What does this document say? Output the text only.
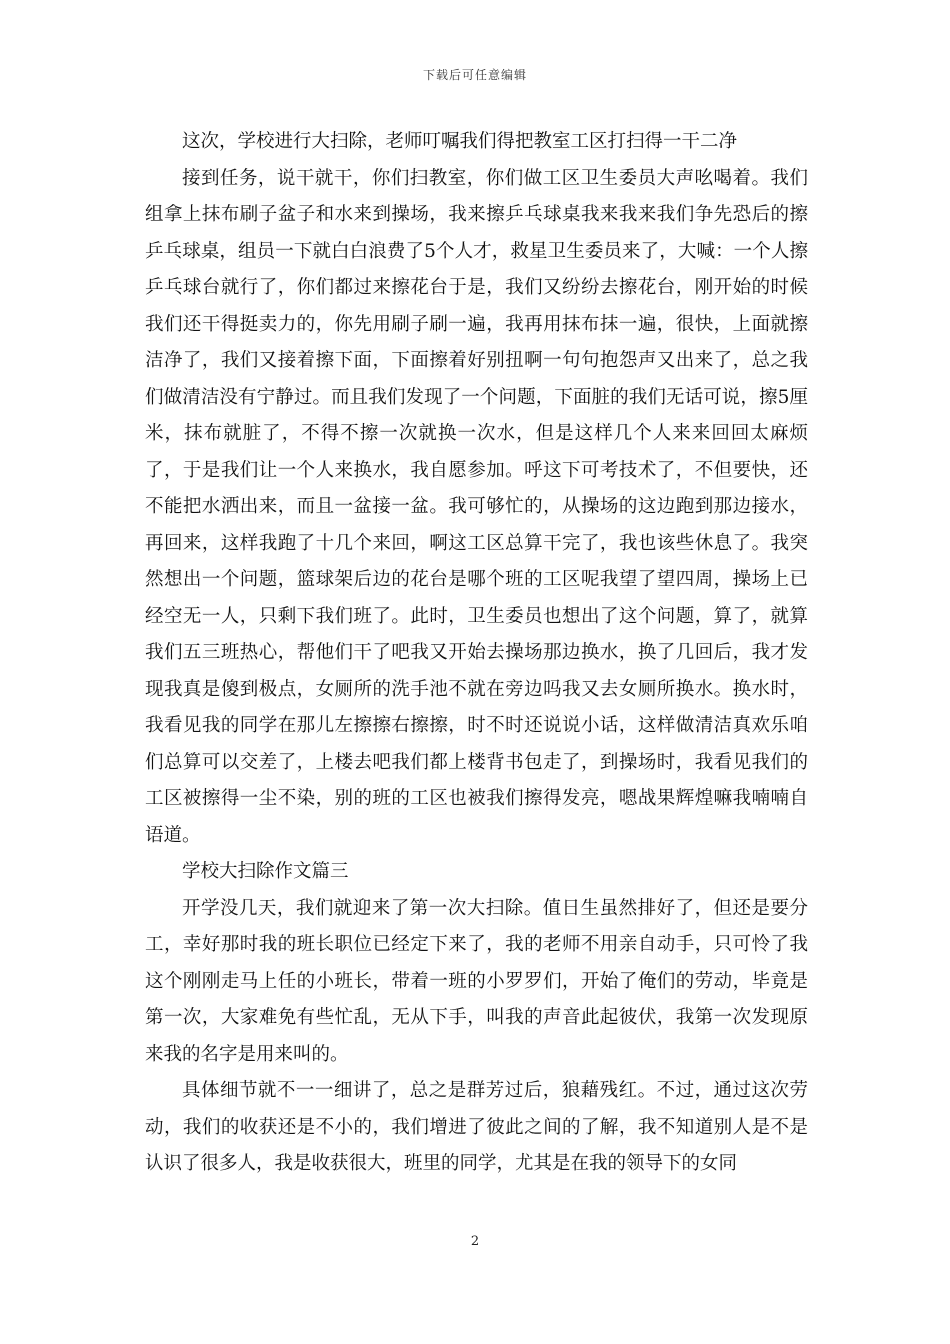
下载后可任意编辑

这次，学校进行大扫除，老师叮嘱我们得把教室工区打扫得一干二净

接到任务，说干就干，你们扫教室，你们做工区卫生委员大声吆喝着。我们组拿上抹布刷子盆子和水来到操场，我来擦乒乓球桌我来我来我们争先恐后的擦乒乓球桌，组员一下就白白浪费了5个人才，救星卫生委员来了，大喊：一个人擦乒乓球台就行了，你们都过来擦花台于是，我们又纷纷去擦花台，刚开始的时候我们还干得挺卖力的，你先用刷子刷一遍，我再用抹布抹一遍，很快，上面就擦洁净了，我们又接着擦下面，下面擦着好别扭啊一句句抱怨声又出来了，总之我们做清洁没有宁静过。而且我们发现了一个问题，下面脏的我们无话可说，擦5厘米，抹布就脏了，不得不擦一次就换一次水，但是这样几个人来来回回太麻烦了，于是我们让一个人来换水，我自愿参加。呼这下可考技术了，不但要快，还不能把水洒出来，而且一盆接一盆。我可够忙的，从操场的这边跑到那边接水，再回来，这样我跑了十几个来回，啊这工区总算干完了，我也该些休息了。我突然想出一个问题，篮球架后边的花台是哪个班的工区呢我望了望四周，操场上已经空无一人，只剩下我们班了。此时，卫生委员也想出了这个问题，算了，就算我们五三班热心，帮他们干了吧我又开始去操场那边换水，换了几回后，我才发现我真是傻到极点，女厕所的洗手池不就在旁边吗我又去女厕所换水。换水时，我看见我的同学在那儿左擦擦右擦擦，时不时还说说小话，这样做清洁真欢乐咱们总算可以交差了，上楼去吧我们都上楼背书包走了，到操场时，我看见我们的工区被擦得一尘不染，别的班的工区也被我们擦得发亮，嗯战果辉煌嘛我喃喃自语道。

学校大扫除作文篇三

开学没几天，我们就迎来了第一次大扫除。值日生虽然排好了，但还是要分工，幸好那时我的班长职位已经定下来了，我的老师不用亲自动手，只可怜了我这个刚刚走马上任的小班长，带着一班的小罗罗们，开始了俺们的劳动，毕竟是第一次，大家难免有些忙乱，无从下手，叫我的声音此起彼伏，我第一次发现原来我的名字是用来叫的。

具体细节就不一一细讲了，总之是群芳过后，狼藉残红。不过，通过这次劳动，我们的收获还是不小的，我们增进了彼此之间的了解，我不知道别人是不是认识了很多人，我是收获很大，班里的同学，尤其是在我的领导下的女同

2
